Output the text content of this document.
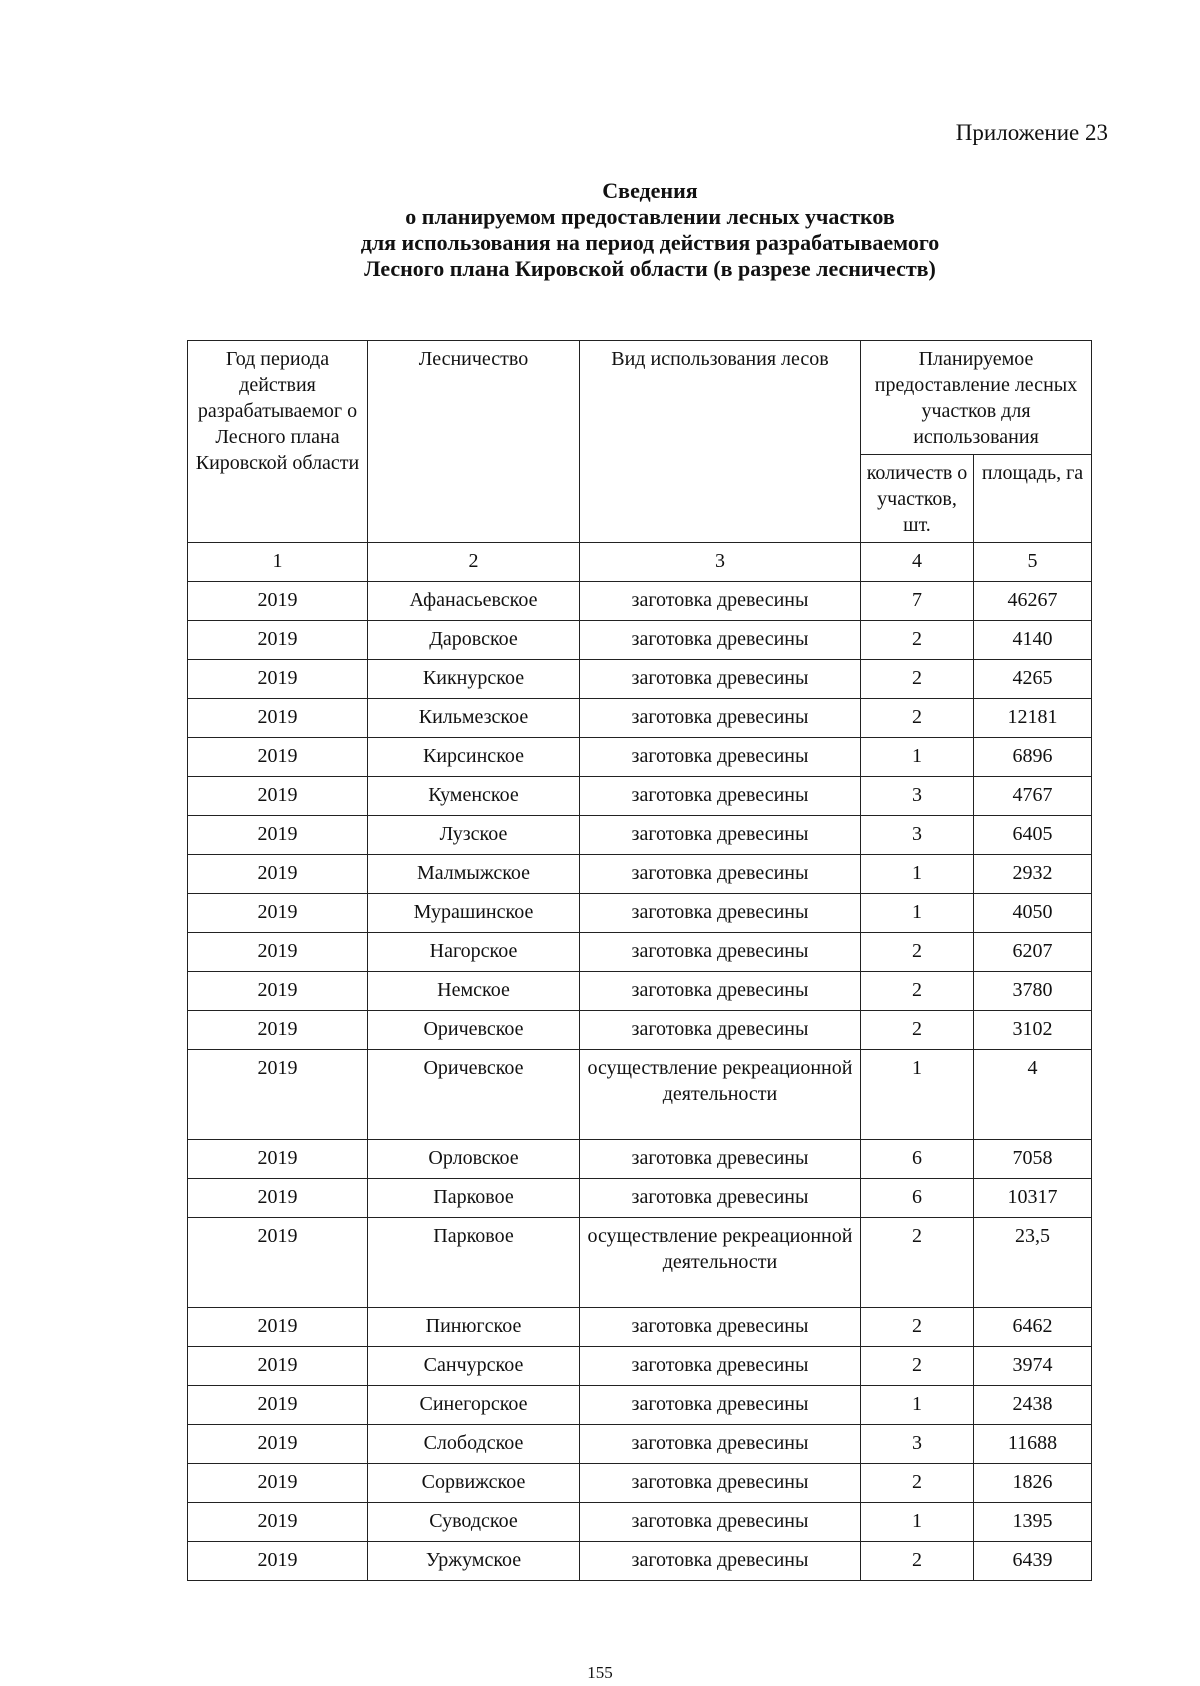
Приложение 23
Сведения
о планируемом предоставлении лесных участков
для использования на период действия разрабатываемого
Лесного плана Кировской области (в разрезе лесничеств)
Год периода действия разрабатываемог о Лесного плана Кировской области	Лесничество	Вид использования лесов	Планируемое предоставление лесных участков для использования	
			количеств о участков, шт.	площадь, га
1	2	3	4	5
2019	Афанасьевское	заготовка древесины	7	46267
2019	Даровское	заготовка древесины	2	4140
2019	Кикнурское	заготовка древесины	2	4265
2019	Кильмезское	заготовка древесины	2	12181
2019	Кирсинское	заготовка древесины	1	6896
2019	Куменское	заготовка древесины	3	4767
2019	Лузское	заготовка древесины	3	6405
2019	Малмыжское	заготовка древесины	1	2932
2019	Мурашинское	заготовка древесины	1	4050
2019	Нагорское	заготовка древесины	2	6207
2019	Немское	заготовка древесины	2	3780
2019	Оричевское	заготовка древесины	2	3102
2019	Оричевское	осуществление рекреационной деятельности	1	4
2019	Орловское	заготовка древесины	6	7058
2019	Парковое	заготовка древесины	6	10317
2019	Парковое	осуществление рекреационной деятельности	2	23,5
2019	Пинюгское	заготовка древесины	2	6462
2019	Санчурское	заготовка древесины	2	3974
2019	Синегорское	заготовка древесины	1	2438
2019	Слободское	заготовка древесины	3	11688
2019	Сорвижское	заготовка древесины	2	1826
2019	Суводское	заготовка древесины	1	1395
2019	Уржумское	заготовка древесины	2	6439
155
